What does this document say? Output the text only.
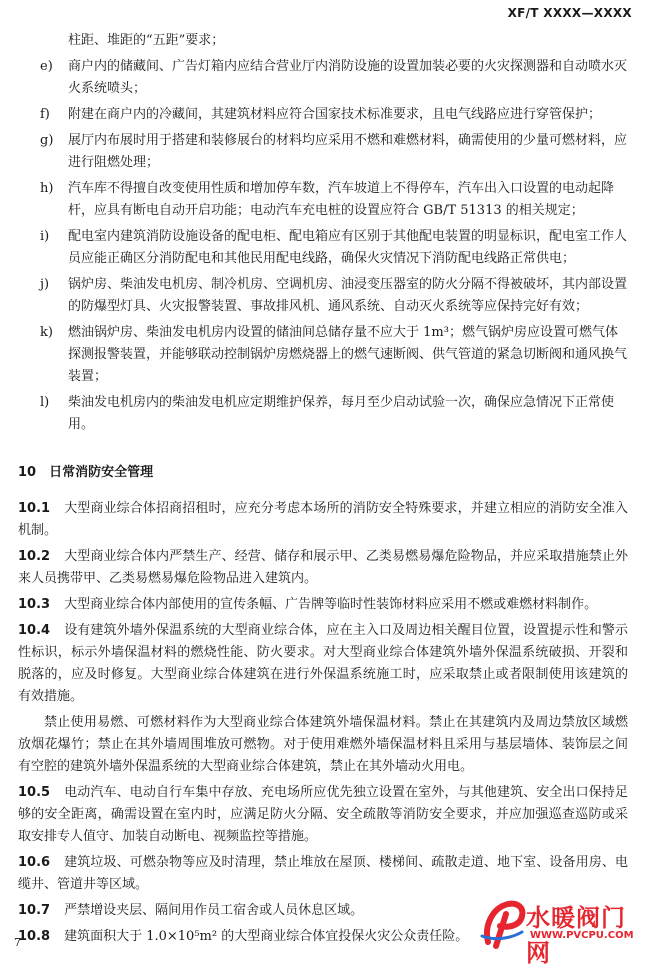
XF/T XXXX—XXXX
柱距、堆距的“五距”要求；
e) 商户内的储藏间、广告灯箱内应结合营业厅内消防设施的设置加装必要的火灾探测器和自动喷水灭火系统喷头；
f) 附建在商户内的冷藏间，其建筑材料应符合国家技术标准要求，且电气线路应进行穿管保护；
g) 展厅内布展时用于搭建和装修展台的材料均应采用不燃和难燃材料，确需使用的少量可燃材料，应进行阻燃处理；
h) 汽车库不得擅自改变使用性质和增加停车数，汽车坡道上不得停车，汽车出入口设置的电动起降杆，应具有断电自动开启功能；电动汽车充电桩的设置应符合 GB/T 51313 的相关规定；
i) 配电室内建筑消防设施设备的配电柜、配电箱应有区别于其他配电装置的明显标识，配电室工作人员应能正确区分消防配电和其他民用配电线路，确保火灾情况下消防配电线路正常供电；
j) 锅炉房、柴油发电机房、制冷机房、空调机房、油浸变压器室的防火分隔不得被破坏，其内部设置的防爆型灯具、火灾报警装置、事故排风机、通风系统、自动灭火系统等应保持完好有效；
k) 燃油锅炉房、柴油发电机房内设置的储油间总储存量不应大于 1m³；燃气锅炉房应设置可燃气体探测报警装置，并能够联动控制锅炉房燃烧器上的燃气速断阀、供气管道的紧急切断阀和通风换气装置；
l) 柴油发电机房内的柴油发电机应定期维护保养，每月至少启动试验一次，确保应急情况下正常使用。
10　日常消防安全管理
10.1 大型商业综合体招商招租时，应充分考虑本场所的消防安全特殊要求，并建立相应的消防安全准入机制。
10.2 大型商业综合体内严禁生产、经营、储存和展示甲、乙类易燃易爆危险物品，并应采取措施禁止外来人员携带甲、乙类易燃易爆危险物品进入建筑内。
10.3 大型商业综合体内部使用的宣传条幅、广告牌等临时性装饰材料应采用不燃或难燃材料制作。
10.4 设有建筑外墙外保温系统的大型商业综合体，应在主入口及周边相关醒目位置，设置提示性和警示性标识，标示外墙保温材料的燃烧性能、防火要求。对大型商业综合体建筑外墙外保温系统破损、开裂和脱落的，应及时修复。大型商业综合体建筑在进行外保温系统施工时，应采取禁止或者限制使用该建筑的有效措施。
禁止使用易燃、可燃材料作为大型商业综合体建筑外墙保温材料。禁止在其建筑内及周边禁放区域燃放烟花爆竹；禁止在其外墙周围堆放可燃物。对于使用难燃外墙保温材料且采用与基层墙体、装饰层之间有空腔的建筑外墙外保温系统的大型商业综合体建筑，禁止在其外墙动火用电。
10.5 电动汽车、电动自行车集中存放、充电场所应优先独立设置在室外，与其他建筑、安全出口保持足够的安全距离，确需设置在室内时，应满足防火分隔、安全疏散等消防安全要求，并应加强巡查巡防或采取安排专人值守、加装自动断电、视频监控等措施。
10.6 建筑垃圾、可燃杂物等应及时清理，禁止堆放在屋顶、楼梯间、疏散走道、地下室、设备用房、电缆井、管道井等区域。
10.7 严禁增设夹层、隔间用作员工宿舍或人员休息区域。
10.8 建筑面积大于 1.0×10⁵m² 的大型商业综合体宜投保火灾公众责任险。
7
水暖阀门网
WWW.PVCPU.COM
